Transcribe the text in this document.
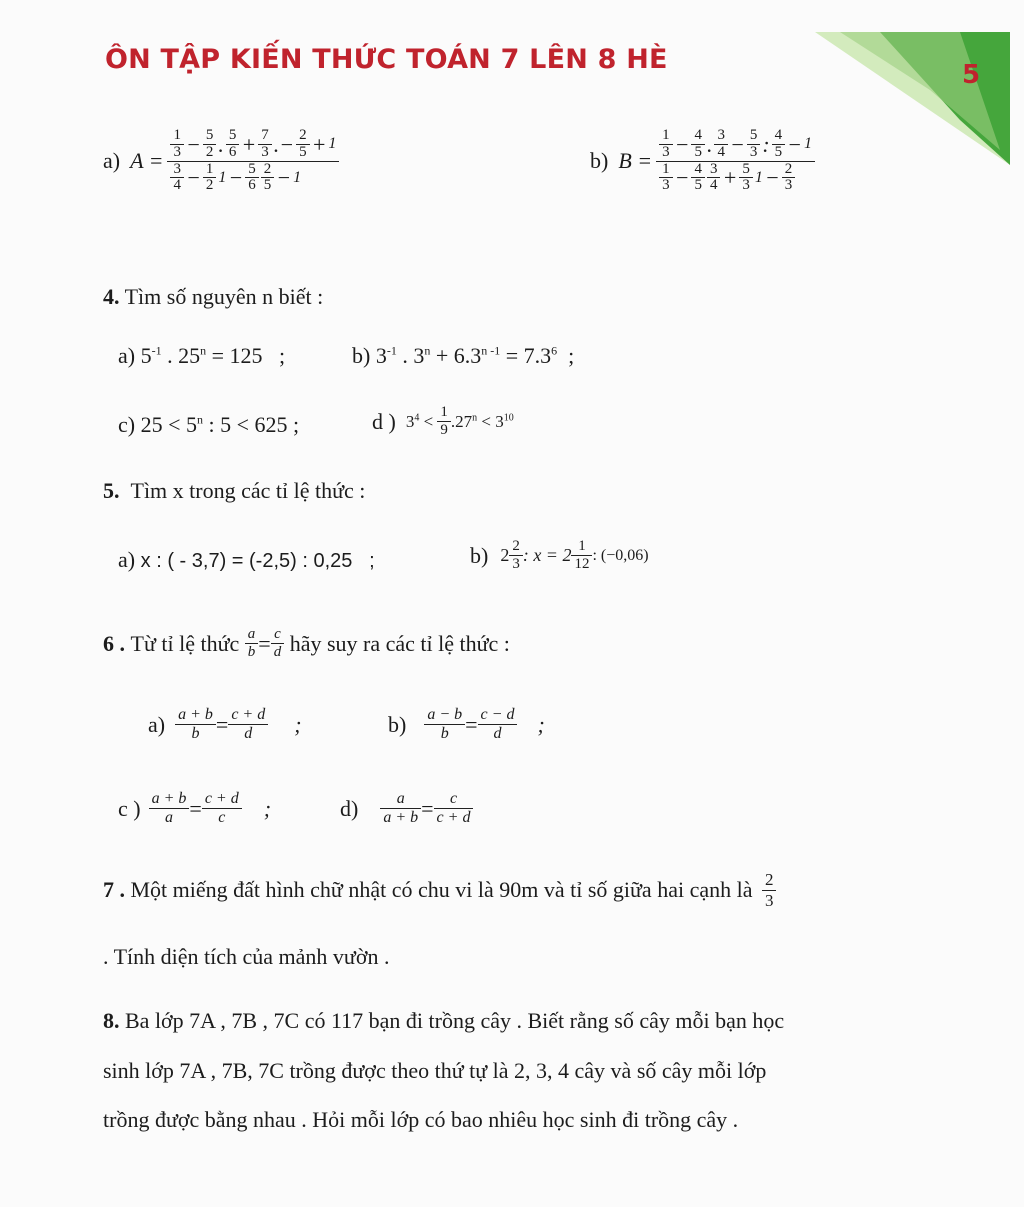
ÔN TẬP KIẾN THỨC TOÁN 7 LÊN 8 HÈ	5
a) $A = \frac{\frac{1}{3} - \frac{5}{2} . \frac{5}{6} + \frac{7}{3} .- \frac{2}{5} + 1}{\frac{3}{4} - \frac{1}{2} 1 - \frac{5}{6} \frac{2}{5} - 1}$	b) $B = \frac{\frac{1}{3} - \frac{4}{5} . \frac{3}{4} - \frac{5}{3} : \frac{4}{5} - 1}{\frac{1}{3} - \frac{4}{5} \frac{3}{4} + \frac{5}{3} 1 - \frac{2}{3}}$
4. Tìm số nguyên n biết :
a) $5^{-1}$ . $25^n = 125$   ;	b) $3^{-1}$ . $3^n + 6.3^{n -1} = 7.3^6$  ;
c) $25 < 5^n$ : 5 < 625 ;	d ) $3^4 < \frac{1}{9} .27^n < 3^{10}$
5. Tìm x trong các tỉ lệ thức :
a) x : ( - 3,7) = (-2,5) : 0,25   ;	b) $2 \frac{2}{3}$ : $x = 2 \frac{1}{12}$ : (−0,06)
6 .
Từ tỉ lệ thức
$\frac{a}{b} = \frac{c}{d}$
hãy suy ra các tỉ lệ thức :
$a) \frac{a + b}{b} = \frac{c + d}{d}$ ;	$b) \frac{a - b}{b} = \frac{c - d}{d}$ ;
c ) $\frac{a + b}{a} = \frac{c + d}{c}$ ;	$d) \frac{a}{a + b} = \frac{c}{c + d}$
7 .
Một miếng đất hình chữ nhật có chu vi là 90m và tỉ số giữa hai cạnh là
$\frac{2}{3}$
. Tính diện tích của mảnh vườn .
8. Ba lớp 7A , 7B , 7C có 117 bạn đi trồng cây . Biết rằng số cây mỗi bạn học
sinh lớp 7A , 7B, 7C trồng được theo thứ tự là 2, 3, 4 cây và số cây mỗi lớp
trồng được bằng nhau . Hỏi mỗi lớp có bao nhiêu học sinh đi trồng cây .
